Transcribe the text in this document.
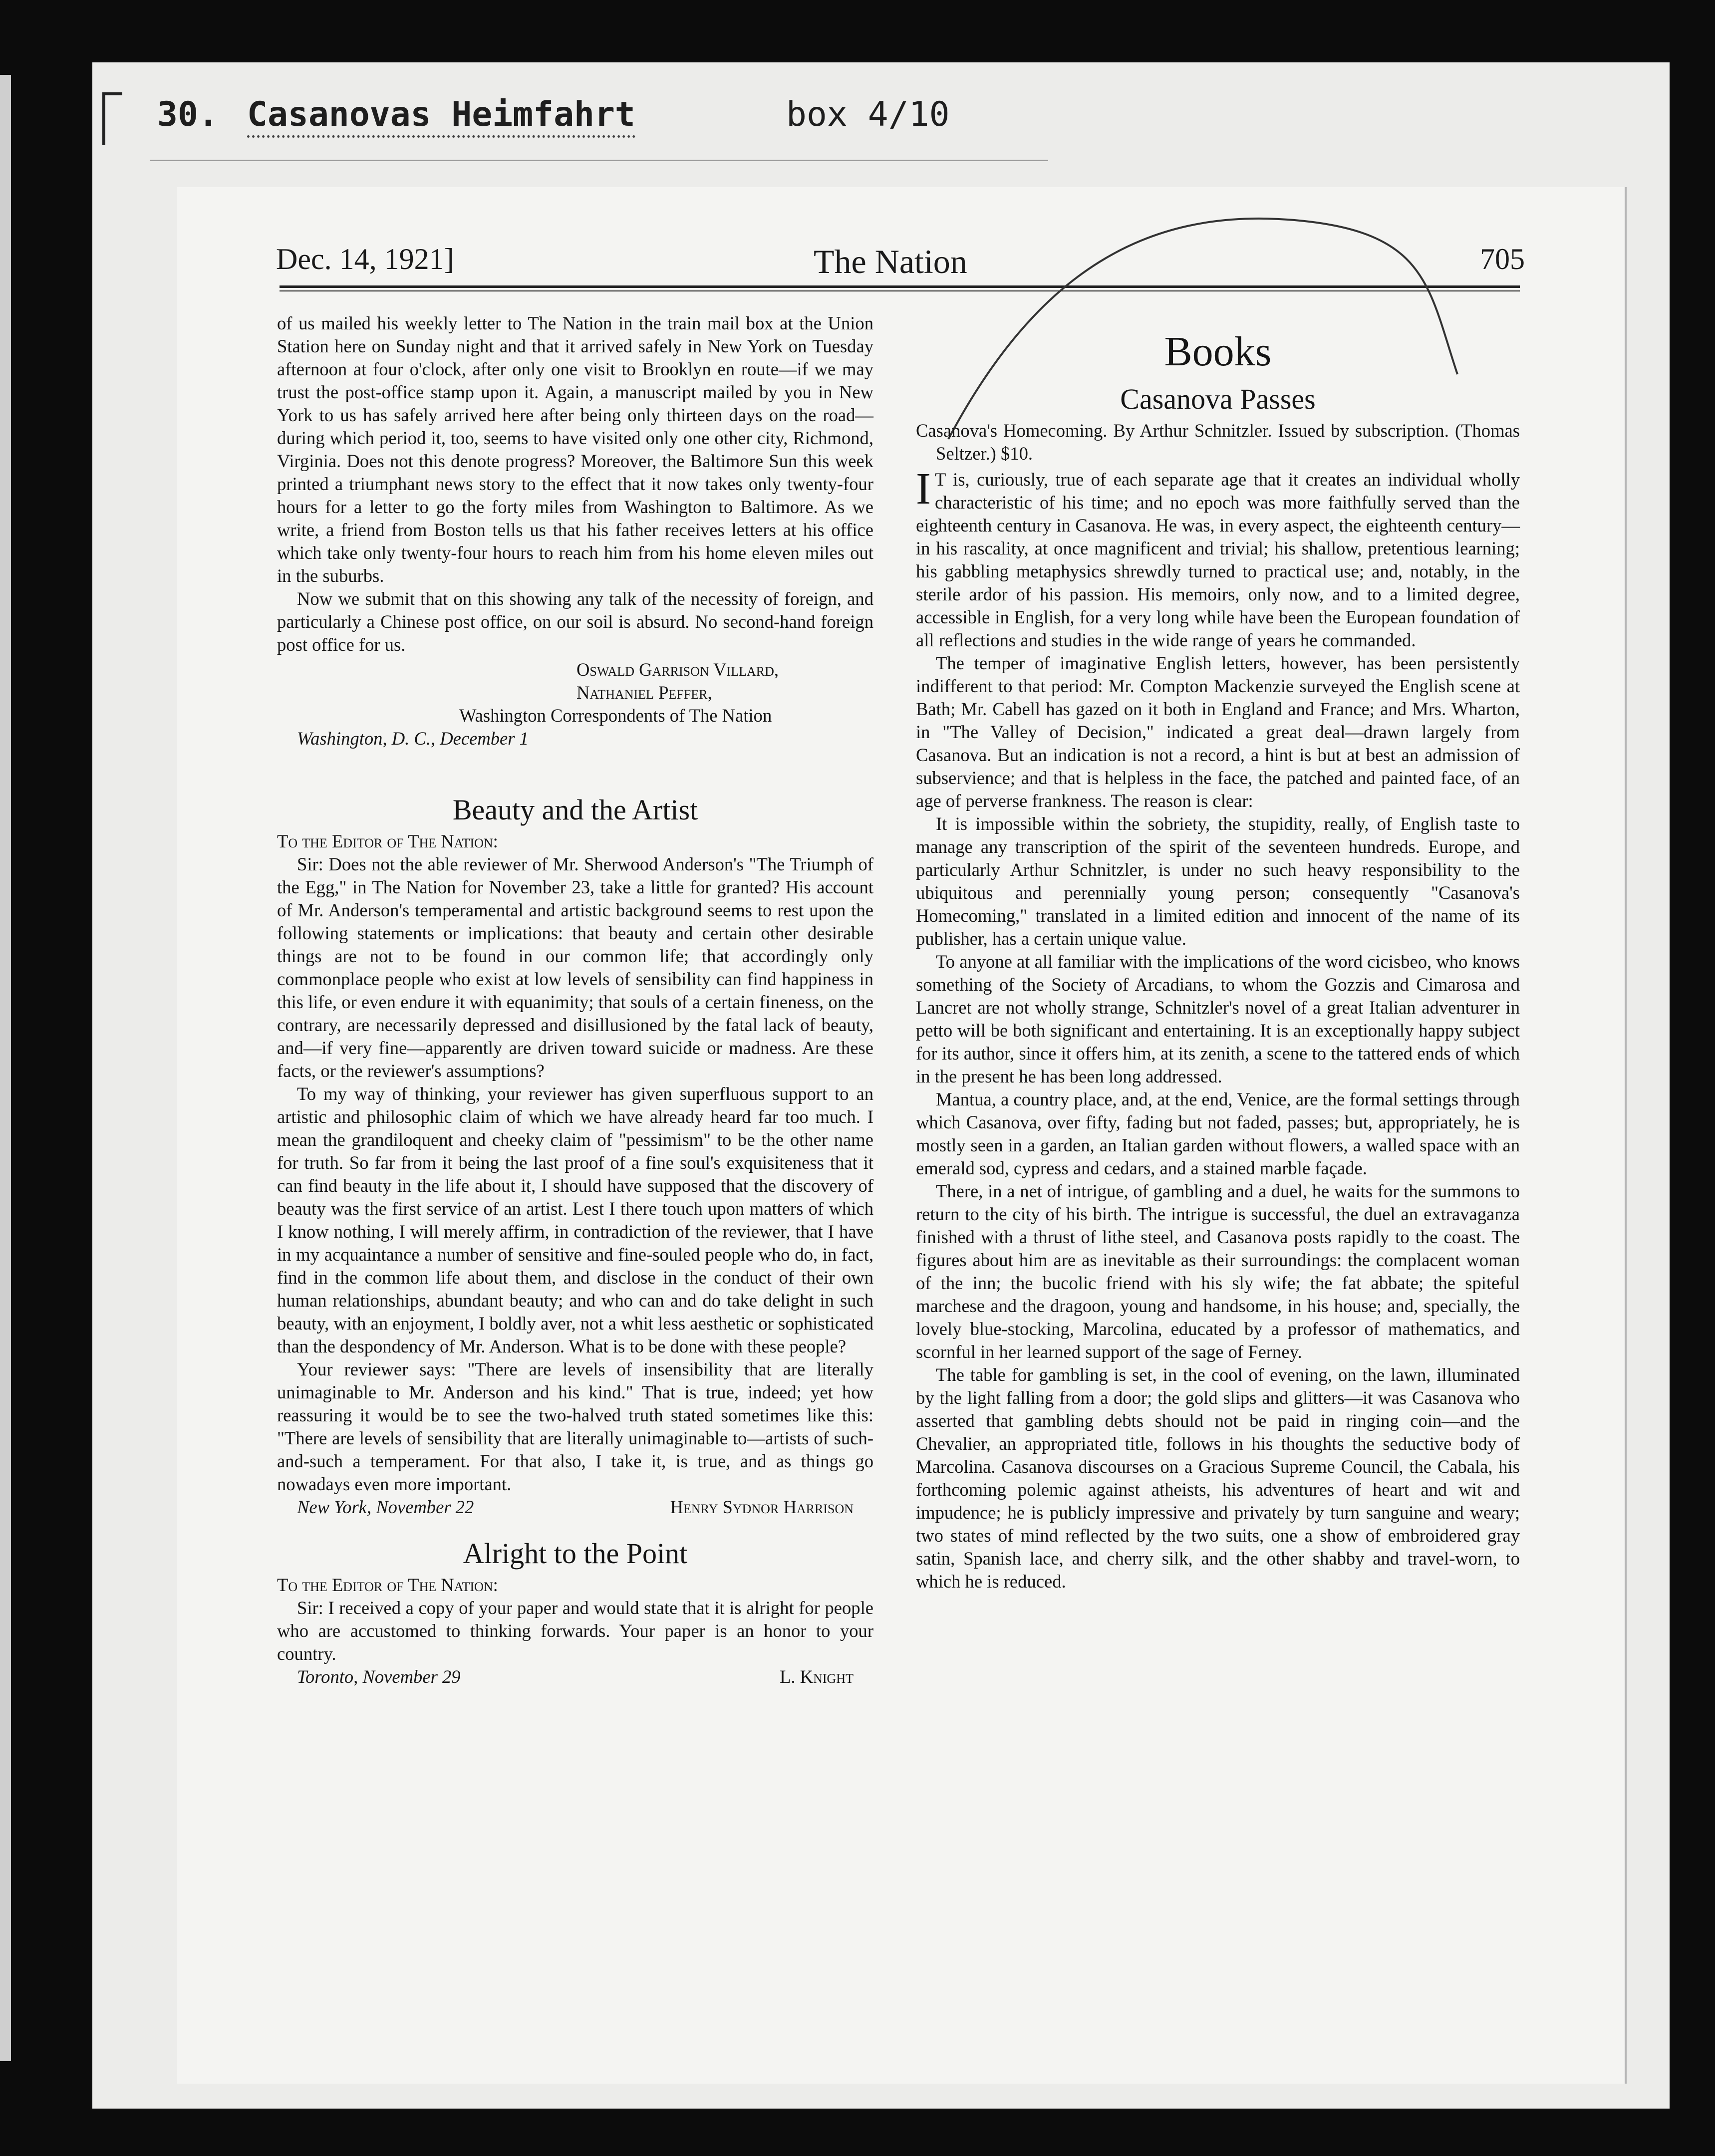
30. Casanovas Heimfahrt	box 4/10
Dec. 14, 1921]	The Nation	705

of us mailed his weekly letter to The Nation in the train mail box at the Union Station here on Sunday night and that it arrived safely in New York on Tuesday afternoon at four o'clock, after only one visit to Brooklyn en route—if we may trust the post-office stamp upon it. Again, a manuscript mailed by you in New York to us has safely arrived here after being only thirteen days on the road—during which period it, too, seems to have visited only one other city, Richmond, Virginia. Does not this denote progress? Moreover, the Baltimore Sun this week printed a triumphant news story to the effect that it now takes only twenty-four hours for a letter to go the forty miles from Washington to Baltimore. As we write, a friend from Boston tells us that his father receives letters at his office which take only twenty-four hours to reach him from his home eleven miles out in the suburbs.

Now we submit that on this showing any talk of the necessity of foreign, and particularly a Chinese post office, on our soil is absurd. No second-hand foreign post office for us.

Oswald Garrison Villard,

Nathaniel Peffer,

Washington Correspondents of The Nation

Washington, D. C., December 1

Beauty and the Artist

To the Editor of The Nation:

Sir: Does not the able reviewer of Mr. Sherwood Anderson's "The Triumph of the Egg," in The Nation for November 23, take a little for granted? His account of Mr. Anderson's temperamental and artistic background seems to rest upon the following statements or implications: that beauty and certain other desirable things are not to be found in our common life; that accordingly only commonplace people who exist at low levels of sensibility can find happiness in this life, or even endure it with equanimity; that souls of a certain fineness, on the contrary, are necessarily depressed and disillusioned by the fatal lack of beauty, and—if very fine—apparently are driven toward suicide or madness. Are these facts, or the reviewer's assumptions?

To my way of thinking, your reviewer has given superfluous support to an artistic and philosophic claim of which we have already heard far too much. I mean the grandiloquent and cheeky claim of "pessimism" to be the other name for truth. So far from it being the last proof of a fine soul's exquisiteness that it can find beauty in the life about it, I should have supposed that the discovery of beauty was the first service of an artist. Lest I there touch upon matters of which I know nothing, I will merely affirm, in contradiction of the reviewer, that I have in my acquaintance a number of sensitive and fine-souled people who do, in fact, find in the common life about them, and disclose in the conduct of their own human relationships, abundant beauty; and who can and do take delight in such beauty, with an enjoyment, I boldly aver, not a whit less aesthetic or sophisticated than the despondency of Mr. Anderson. What is to be done with these people?

Your reviewer says: "There are levels of insensibility that are literally unimaginable to Mr. Anderson and his kind." That is true, indeed; yet how reassuring it would be to see the two-halved truth stated sometimes like this: "There are levels of sensibility that are literally unimaginable to—artists of such-and-such a temperament. For that also, I take it, is true, and as things go nowadays even more important.

New York, November 22	Henry Sydnor Harrison
Alright to the Point

To the Editor of The Nation:

Sir: I received a copy of your paper and would state that it is alright for people who are accustomed to thinking forwards. Your paper is an honor to your country.

Toronto, November 29	L. Knight
Books
Casanova Passes

Casanova's Homecoming. By Arthur Schnitzler. Issued by subscription. (Thomas Seltzer.) $10.

I T is, curiously, true of each separate age that it creates an individual wholly characteristic of his time; and no epoch was more faithfully served than the eighteenth century in Casanova. He was, in every aspect, the eighteenth century—in his rascality, at once magnificent and trivial; his shallow, pretentious learning; his gabbling metaphysics shrewdly turned to practical use; and, notably, in the sterile ardor of his passion. His memoirs, only now, and to a limited degree, accessible in English, for a very long while have been the European foundation of all reflections and studies in the wide range of years he commanded.

The temper of imaginative English letters, however, has been persistently indifferent to that period: Mr. Compton Mackenzie surveyed the English scene at Bath; Mr. Cabell has gazed on it both in England and France; and Mrs. Wharton, in "The Valley of Decision," indicated a great deal—drawn largely from Casanova. But an indication is not a record, a hint is but at best an admission of subservience; and that is helpless in the face, the patched and painted face, of an age of perverse frankness. The reason is clear:

It is impossible within the sobriety, the stupidity, really, of English taste to manage any transcription of the spirit of the seventeen hundreds. Europe, and particularly Arthur Schnitzler, is under no such heavy responsibility to the ubiquitous and perennially young person; consequently "Casanova's Homecoming," translated in a limited edition and innocent of the name of its publisher, has a certain unique value.

To anyone at all familiar with the implications of the word cicisbeo, who knows something of the Society of Arcadians, to whom the Gozzis and Cimarosa and Lancret are not wholly strange, Schnitzler's novel of a great Italian adventurer in petto will be both significant and entertaining. It is an exceptionally happy subject for its author, since it offers him, at its zenith, a scene to the tattered ends of which in the present he has been long addressed.

Mantua, a country place, and, at the end, Venice, are the formal settings through which Casanova, over fifty, fading but not faded, passes; but, appropriately, he is mostly seen in a garden, an Italian garden without flowers, a walled space with an emerald sod, cypress and cedars, and a stained marble façade.

There, in a net of intrigue, of gambling and a duel, he waits for the summons to return to the city of his birth. The intrigue is successful, the duel an extravaganza finished with a thrust of lithe steel, and Casanova posts rapidly to the coast. The figures about him are as inevitable as their surroundings: the complacent woman of the inn; the bucolic friend with his sly wife; the fat abbate; the spiteful marchese and the dragoon, young and handsome, in his house; and, specially, the lovely blue-stocking, Marcolina, educated by a professor of mathematics, and scornful in her learned support of the sage of Ferney.

The table for gambling is set, in the cool of evening, on the lawn, illuminated by the light falling from a door; the gold slips and glitters—it was Casanova who asserted that gambling debts should not be paid in ringing coin—and the Chevalier, an appropriated title, follows in his thoughts the seductive body of Marcolina. Casanova discourses on a Gracious Supreme Council, the Cabala, his forthcoming polemic against atheists, his adventures of heart and wit and impudence; he is publicly impressive and privately by turn sanguine and weary; two states of mind reflected by the two suits, one a show of embroidered gray satin, Spanish lace, and cherry silk, and the other shabby and travel-worn, to which he is reduced.
